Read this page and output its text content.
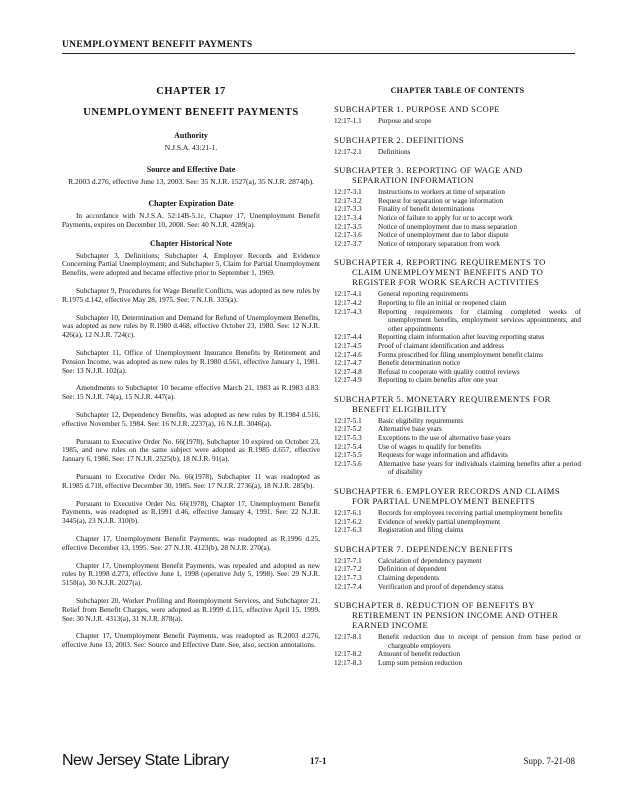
UNEMPLOYMENT BENEFIT PAYMENTS
CHAPTER 17
UNEMPLOYMENT BENEFIT PAYMENTS
Authority
N.J.S.A. 43:21-1.
Source and Effective Date
R.2003 d.276, effective June 13, 2003. See: 35 N.J.R. 1527(a), 35 N.J.R. 2874(b).
Chapter Expiration Date

In accordance with N.J.S.A. 52:14B-5.1c, Chapter 17, Unemployment Benefit Payments, expires on December 10, 2008. See: 40 N.J.R. 4289(a).

Chapter Historical Note

Subchapter 3, Definitions; Subchapter 4, Employer Records and Evidence Concerning Partial Unemployment; and Subchapter 5, Claim for Partial Unemployment Benefits, were adopted and became effective prior to September 1, 1969.

Subchapter 9, Procedures for Wage Benefit Conflicts, was adopted as new rules by R.1975 d.142, effective May 28, 1975. See: 7 N.J.R. 335(a).

Subchapter 10, Determination and Demand for Refund of Unemployment Benefits, was adopted as new rules by R.1980 d.468, effective October 23, 1980. See: 12 N.J.R. 426(a), 12 N.J.R. 724(c).

Subchapter 11, Office of Unemployment Insurance Benefits by Retirement and Pension Income, was adopted as new rules by R.1980 d.561, effective January 1, 1981. See: 13 N.J.R. 102(a).

Amendments to Subchapter 10 became effective March 21, 1983 as R.1983 d.83. See: 15 N.J.R. 74(a), 15 N.J.R. 447(a).

Subchapter 12, Dependency Benefits, was adopted as new rules by R.1984 d.516, effective November 5, 1984. See: 16 N.J.R. 2237(a), 16 N.J.R. 3046(a).

Pursuant to Executive Order No. 66(1978), Subchapter 10 expired on October 23, 1985, and new rules on the same subject were adopted as R.1985 d.657, effective January 6, 1986. See: 17 N.J.R. 2525(b), 18 N.J.R. 91(a).

Pursuant to Executive Order No. 66(1978), Subchapter 11 was readopted as R.1985 d.718, effective December 30, 1985. See: 17 N.J.R. 2736(a), 18 N.J.R. 285(b).

Pursuant to Executive Order No. 66(1978), Chapter 17, Unemployment Benefit Payments, was readopted as R.1991 d.46, effective January 4, 1991. See: 22 N.J.R. 3445(a), 23 N.J.R. 310(b).

Chapter 17, Unemployment Benefit Payments, was readopted as R.1996 d.25, effective December 13, 1995. See: 27 N.J.R. 4123(b), 28 N.J.R. 270(a).

Chapter 17, Unemployment Benefit Payments, was repealed and adopted as new rules by R.1998 d.273, effective June 1, 1998 (operative July 5, 1998). See: 29 N.J.R. 5158(a), 30 N.J.R. 2027(a).

Subchapter 20, Worker Profiling and Reemployment Services, and Subchapter 21, Relief from Benefit Charges, were adopted as R.1999 d.115, effective April 15, 1999. See: 30 N.J.R. 4313(a), 31 N.J.R. 878(a).

Chapter 17, Unemployment Benefit Payments, was readopted as R.2003 d.276, effective June 13, 2003. See: Source and Effective Date. See, also, section annotations.

CHAPTER TABLE OF CONTENTS
SUBCHAPTER 1. PURPOSE AND SCOPE
12:17-1.1	Purpose and scope
SUBCHAPTER 2. DEFINITIONS
12:17-2.1	Definitions
SUBCHAPTER 3. REPORTING OF WAGE AND
SEPARATION INFORMATION
12:17-3.1	Instructions to workers at time of separation
12:17-3.2	Request for separation or wage information
12:17-3.3	Finality of benefit determinations
12:17-3.4	Notice of failure to apply for or to accept work
12:17-3.5	Notice of unemployment due to mass separation
12:17-3.6	Notice of unemployment due to labor dispute
12:17-3.7	Notice of temporary separation from work
SUBCHAPTER 4. REPORTING REQUIREMENTS TO
CLAIM UNEMPLOYMENT BENEFITS AND TO
REGISTER FOR WORK SEARCH ACTIVITIES
12:17-4.1	General reporting requirements
12:17-4.2	Reporting to file an initial or reopened claim
12:17-4.3	Reporting requirements for claiming completed weeks of unemployment benefits, employment services appointments, and other appointments
12:17-4.4	Reporting claim information after leaving reporting status
12:17-4.5	Proof of claimant identification and address
12:17-4.6	Forms prescribed for filing unemployment benefit claims
12:17-4.7	Benefit determination notice
12:17-4.8	Refusal to cooperate with quality control reviews
12:17-4.9	Reporting to claim benefits after one year
SUBCHAPTER 5. MONETARY REQUIREMENTS FOR
BENEFIT ELIGIBILITY
12:17-5.1	Basic eligibility requirements
12:17-5.2	Alternative base years
12:17-5.3	Exceptions to the use of alternative base years
12:17-5.4	Use of wages to qualify for benefits
12:17-5.5	Requests for wage information and affidavits
12:17-5.6	Alternative base years for individuals claiming benefits after a period of disability
SUBCHAPTER 6. EMPLOYER RECORDS AND CLAIMS
FOR PARTIAL UNEMPLOYMENT BENEFITS
12:17-6.1	Records for employees receiving partial unemployment benefits
12:17-6.2	Evidence of weekly partial unemployment
12:17-6.3	Registration and filing claims
SUBCHAPTER 7. DEPENDENCY BENEFITS
12:17-7.1	Calculation of dependency payment
12:17-7.2	Definition of dependent
12:17-7.3	Claiming dependents
12:17-7.4	Verification and proof of dependency status
SUBCHAPTER 8. REDUCTION OF BENEFITS BY
RETIREMENT IN PENSION INCOME AND OTHER
EARNED INCOME
12:17-8.1	Benefit reduction due to receipt of pension from base period or chargeable employers
12:17-8.2	Amount of benefit reduction
12:17-8.3	Lump sum pension reduction
New Jersey State Library	17-1	Supp. 7-21-08
